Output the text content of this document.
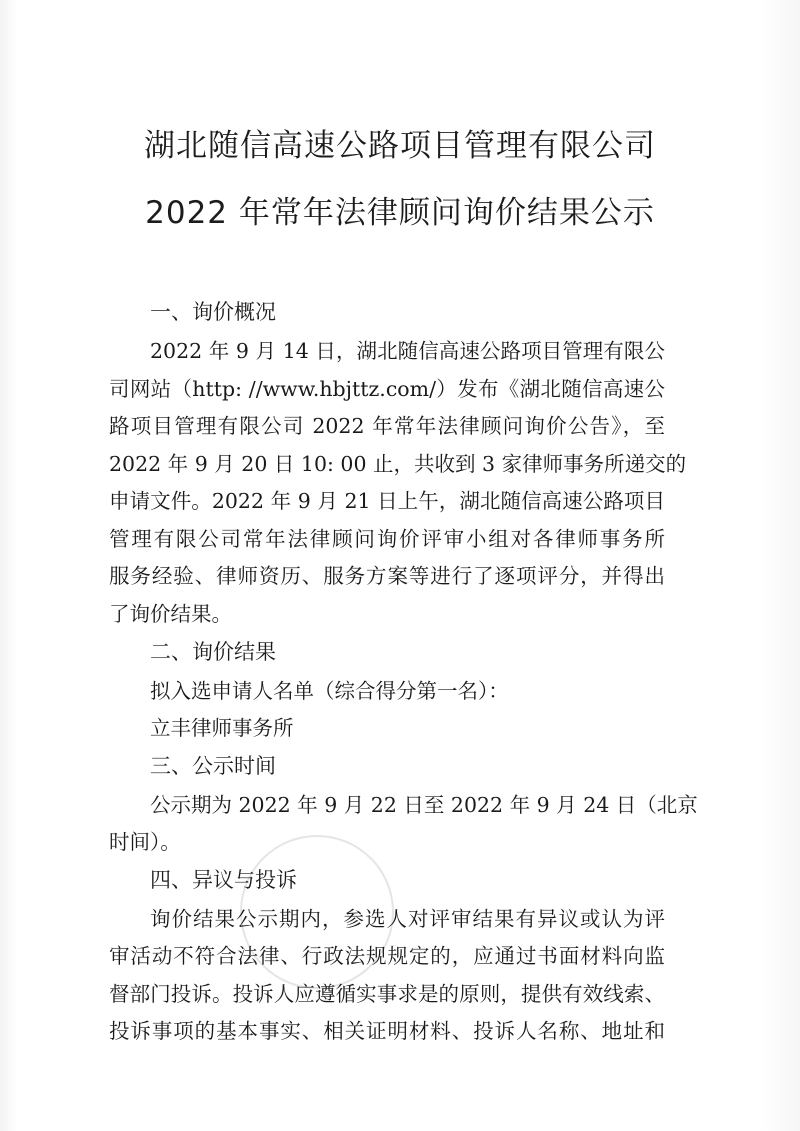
湖北随信高速公路项目管理有限公司
2022 年常年法律顾问询价结果公示
一、询价概况
2022 年 9 月 14 日，湖北随信高速公路项目管理有限公
司网站（http: //www.hbjttz.com/）发布《湖北随信高速公
路项目管理有限公司 2022 年常年法律顾问询价公告》，至
2022 年 9 月 20 日 10: 00 止，共收到 3 家律师事务所递交的
申请文件。2022 年 9 月 21 日上午，湖北随信高速公路项目
管理有限公司常年法律顾问询价评审小组对各律师事务所
服务经验、律师资历、服务方案等进行了逐项评分，并得出
了询价结果。
二、询价结果
拟入选申请人名单（综合得分第一名）：
立丰律师事务所
三、公示时间
公示期为 2022 年 9 月 22 日至 2022 年 9 月 24 日（北京
时间）。
四、异议与投诉
询价结果公示期内，参选人对评审结果有异议或认为评
审活动不符合法律、行政法规规定的，应通过书面材料向监
督部门投诉。投诉人应遵循实事求是的原则，提供有效线索、
投诉事项的基本事实、相关证明材料、投诉人名称、地址和
